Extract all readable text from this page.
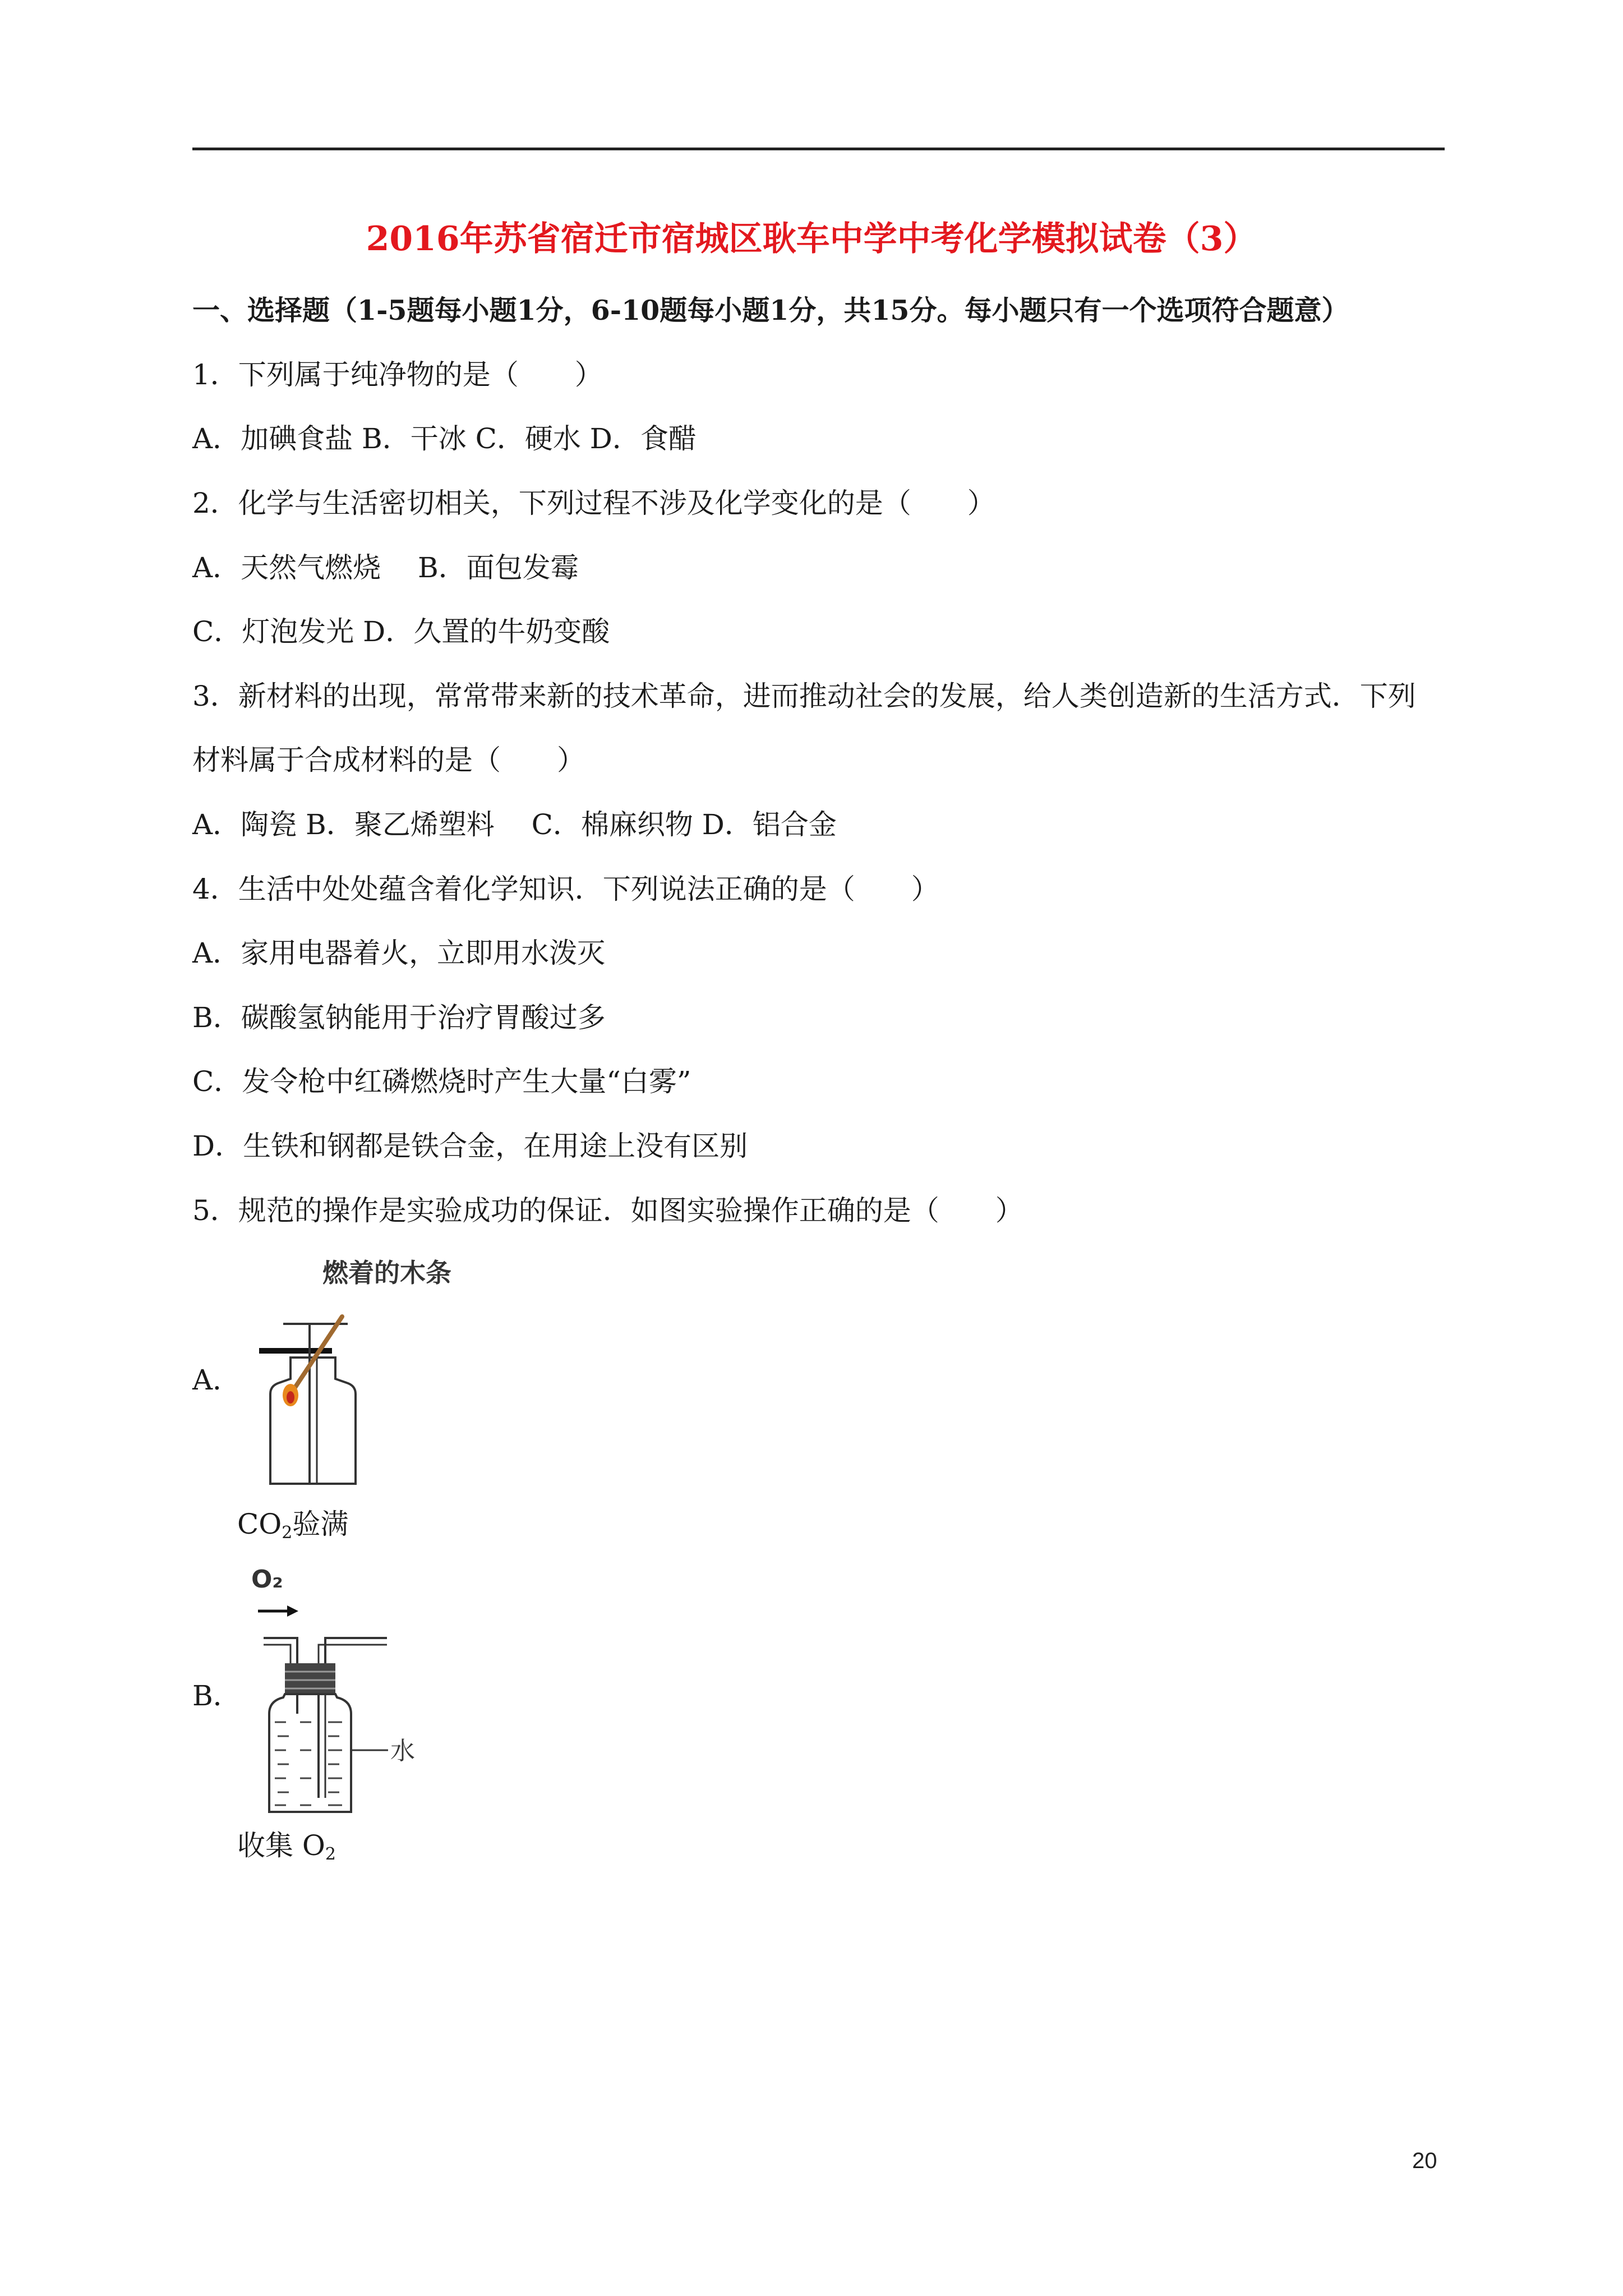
2016年苏省宿迁市宿城区耿车中学中考化学模拟试卷（3）
一、选择题（1-5题每小题1分，6-10题每小题1分，共15分。每小题只有一个选项符合题意）
1．下列属于纯净物的是（　　）
A．加碘食盐 B．干冰 C．硬水 D．食醋
2．化学与生活密切相关，下列过程不涉及化学变化的是（　　）
A．天然气燃烧　 B．面包发霉
C．灯泡发光 D．久置的牛奶变酸
3．新材料的出现，常常带来新的技术革命，进而推动社会的发展，给人类创造新的生活方式．下列
材料属于合成材料的是（　　）
A．陶瓷 B．聚乙烯塑料　 C．棉麻织物 D．铝合金
4．生活中处处蕴含着化学知识．下列说法正确的是（　　）
A．家用电器着火，立即用水泼灭
B．碳酸氢钠能用于治疗胃酸过多
C．发令枪中红磷燃烧时产生大量“白雾”
D．生铁和钢都是铁合金，在用途上没有区别
5．规范的操作是实验成功的保证．如图实验操作正确的是（　　）
A．
燃着的木条
$CO_2$验满
B．
O₂
水
收集 $O_2$
20
